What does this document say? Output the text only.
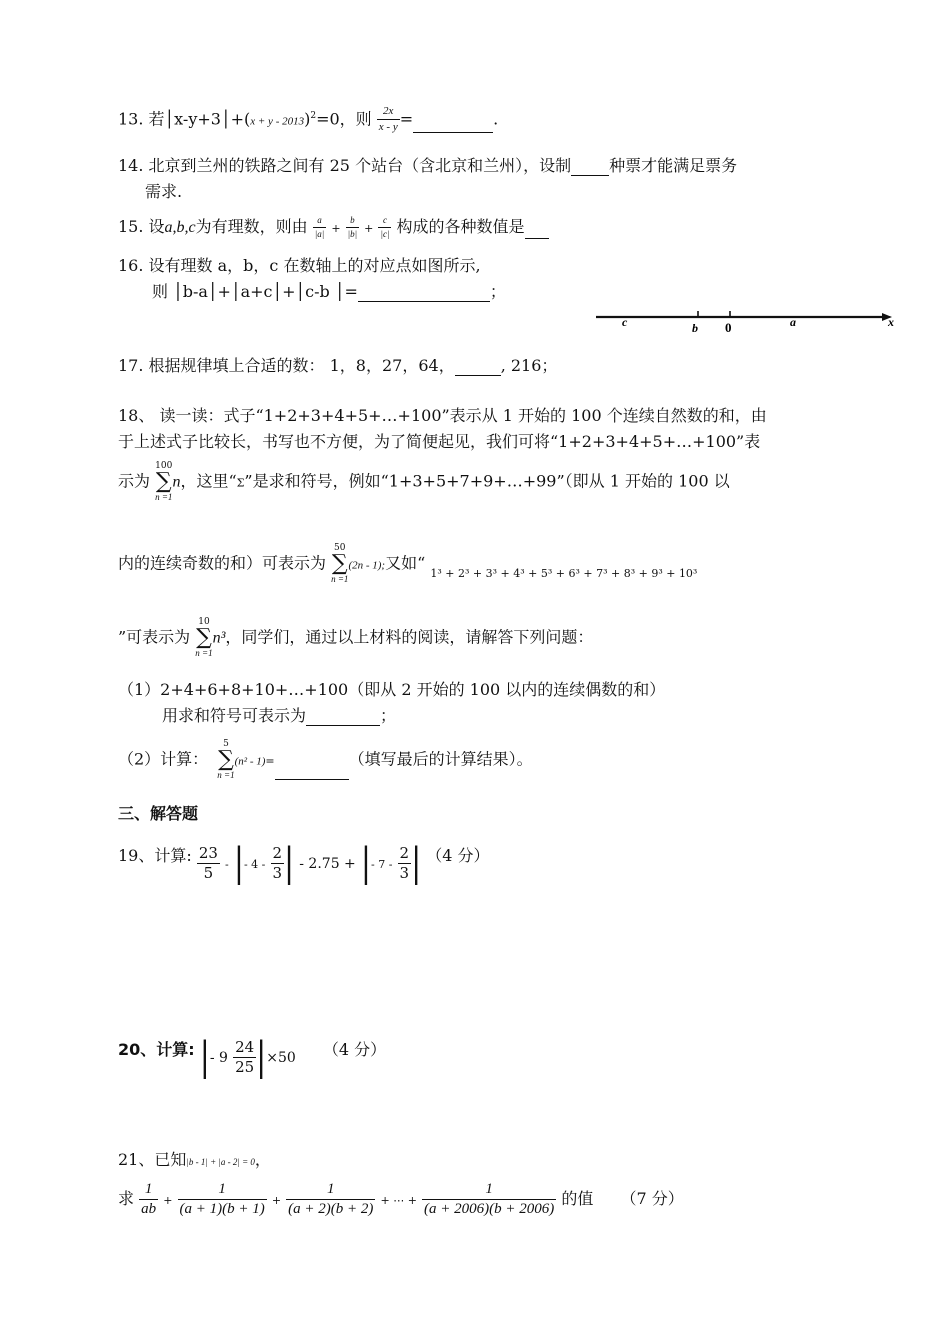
13. 若│x-y+3│+(x + y - 2013)$^2$=0，则 $\frac{2x}{x - y}$ =	.
14. 北京到兰州的铁路之间有 25 个站台（含北京和兰州），设制 种票才能满足票务
需求.
15. 设a,b,c为有理数，则由 $\frac{a}{|a|} + \frac{b}{|b|} + \frac{c}{|c|}$ 构成的各种数值是
16. 设有理数 a，b，c 在数轴上的对应点如图所示,
则 │b-a│+│a+c│+│c-b │=	；
c	b 0	a	x
17. 根据规律填上合适的数： 1，8，27，64，	, 216；
18、 读一读：式子“1+2+3+4+5+…+100”表示从 1 开始的 100 个连续自然数的和，由
于上述式子比较长，书写也不方便，为了简便起见，我们可将“1+2+3+4+5+…+100”表
示为
100
∑
n =1
n，这里“Σ”是求和符号，例如“1+3+5+7+9+…+99”（即从 1 开始的 100 以
内的连续奇数的和）可表示为
50
∑
n =1
(2n - 1);又如“ $_{1^3 + 2^3 + 3^3 + 4^3 + 5^3 + 6^3 + 7^3 + 8^3 + 9^3 + 10^3}$
”可表示为
10
∑
n =1
n³，同学们，通过以上材料的阅读，请解答下列问题：
（1）2+4+6+8+10+…+100（即从 2 开始的 100 以内的连续偶数的和）
用求和符号可表示为	；
（2）计算：
5
∑
n =1
(n² - 1)=	（填写最后的计算结果）。
三、解答题
19、计算: $\frac{23}{5}$ - |- $4 - \frac{2}{3}$ | - 2.75 + |- $7 - \frac{2}{3}$ | （4 分）
20、计算: |- $9 \frac{24}{25} |\times 50$ （4 分）
21、已知|b - 1| + |a - 2| = 0，
求 $\frac{1}{ab} + \frac{1}{(a + 1)(b + 1)} + \frac{1}{(a + 2)(b + 2)}$ + ⋯ + $\frac{1}{(a + 2006)(b + 2006)}$ 的值 （7 分）
